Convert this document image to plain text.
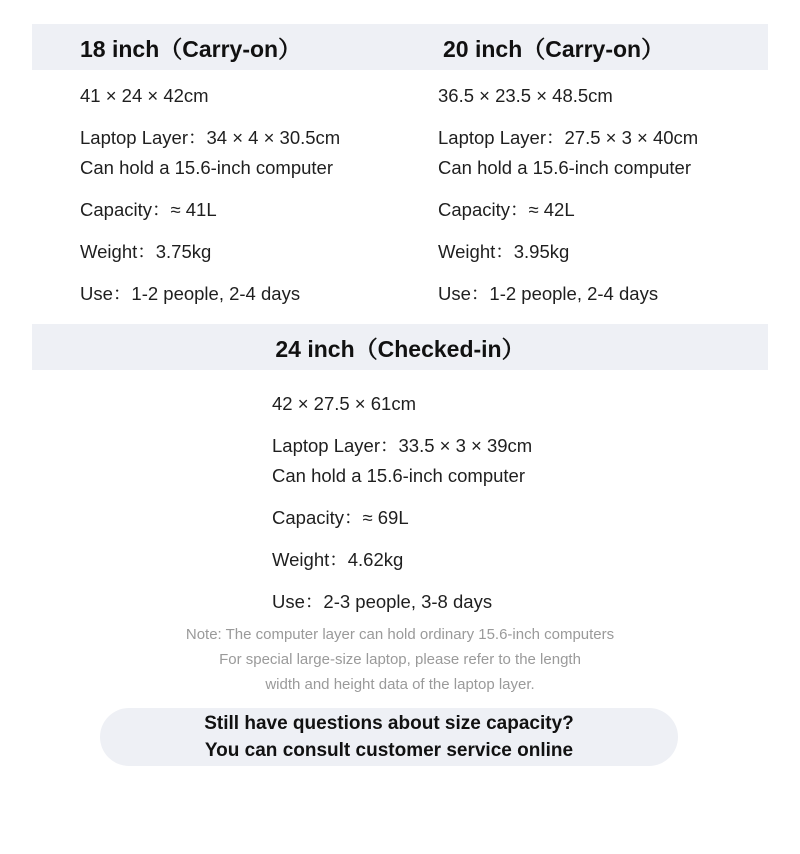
18 inch（Carry-on）	20 inch（Carry-on）
41 × 24 × 42cm
Laptop Layer：34 × 4 × 30.5cm
Can hold a 15.6-inch computer
Capacity：≈ 41L
Weight：3.75kg
Use：1-2 people, 2-4 days
36.5 × 23.5 × 48.5cm
Laptop Layer：27.5 × 3 × 40cm
Can hold a 15.6-inch computer
Capacity：≈ 42L
Weight：3.95kg
Use：1-2 people, 2-4 days
24 inch（Checked-in）
42 × 27.5 × 61cm
Laptop Layer：33.5 × 3 × 39cm
Can hold a 15.6-inch computer
Capacity：≈ 69L
Weight：4.62kg
Use：2-3 people, 3-8 days
Note: The computer layer can hold ordinary 15.6-inch computers
For special large-size laptop, please refer to the length
width and height data of the laptop layer.
Still have questions about size capacity?
You can consult customer service online
